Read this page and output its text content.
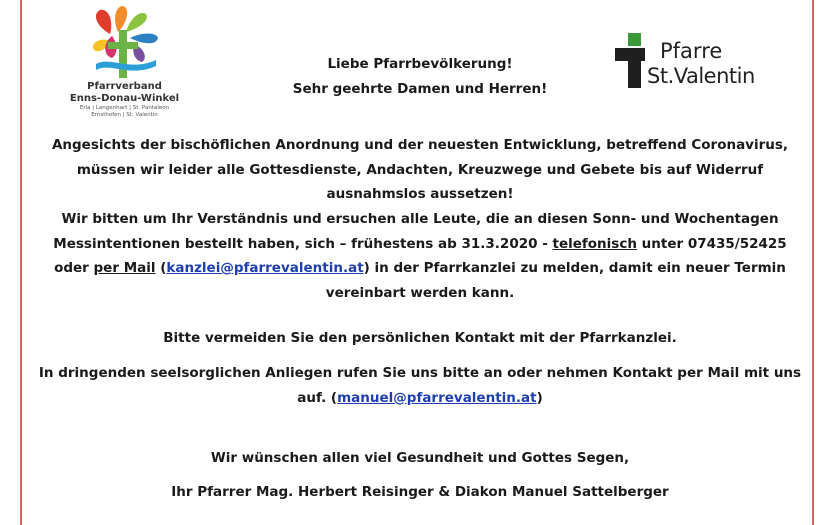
Pfarrverband
Enns-Donau-Winkel
Erla | Langenhart | St. Pantaleon
Ernsthofen | St. Valentin
Liebe Pfarrbevölkerung!
Sehr geehrte Damen und Herren!
Pfarre
St.Valentin
Angesichts der bischöflichen Anordnung und der neuesten Entwicklung, betreffend Coronavirus, müssen wir leider alle Gottesdienste, Andachten, Kreuzwege und Gebete bis auf Widerruf ausnahmslos aussetzen!
Wir bitten um Ihr Verständnis und ersuchen alle Leute, die an diesen Sonn- und Wochentagen Messintentionen bestellt haben, sich – frühestens ab 31.3.2020 - telefonisch unter 07435/52425 oder per Mail (kanzlei@pfarrevalentin.at) in der Pfarrkanzlei zu melden, damit ein neuer Termin vereinbart werden kann.
Bitte vermeiden Sie den persönlichen Kontakt mit der Pfarrkanzlei.
In dringenden seelsorglichen Anliegen rufen Sie uns bitte an oder nehmen Kontakt per Mail mit uns auf. (manuel@pfarrevalentin.at)
Wir wünschen allen viel Gesundheit und Gottes Segen,
Ihr Pfarrer Mag. Herbert Reisinger & Diakon Manuel Sattelberger
